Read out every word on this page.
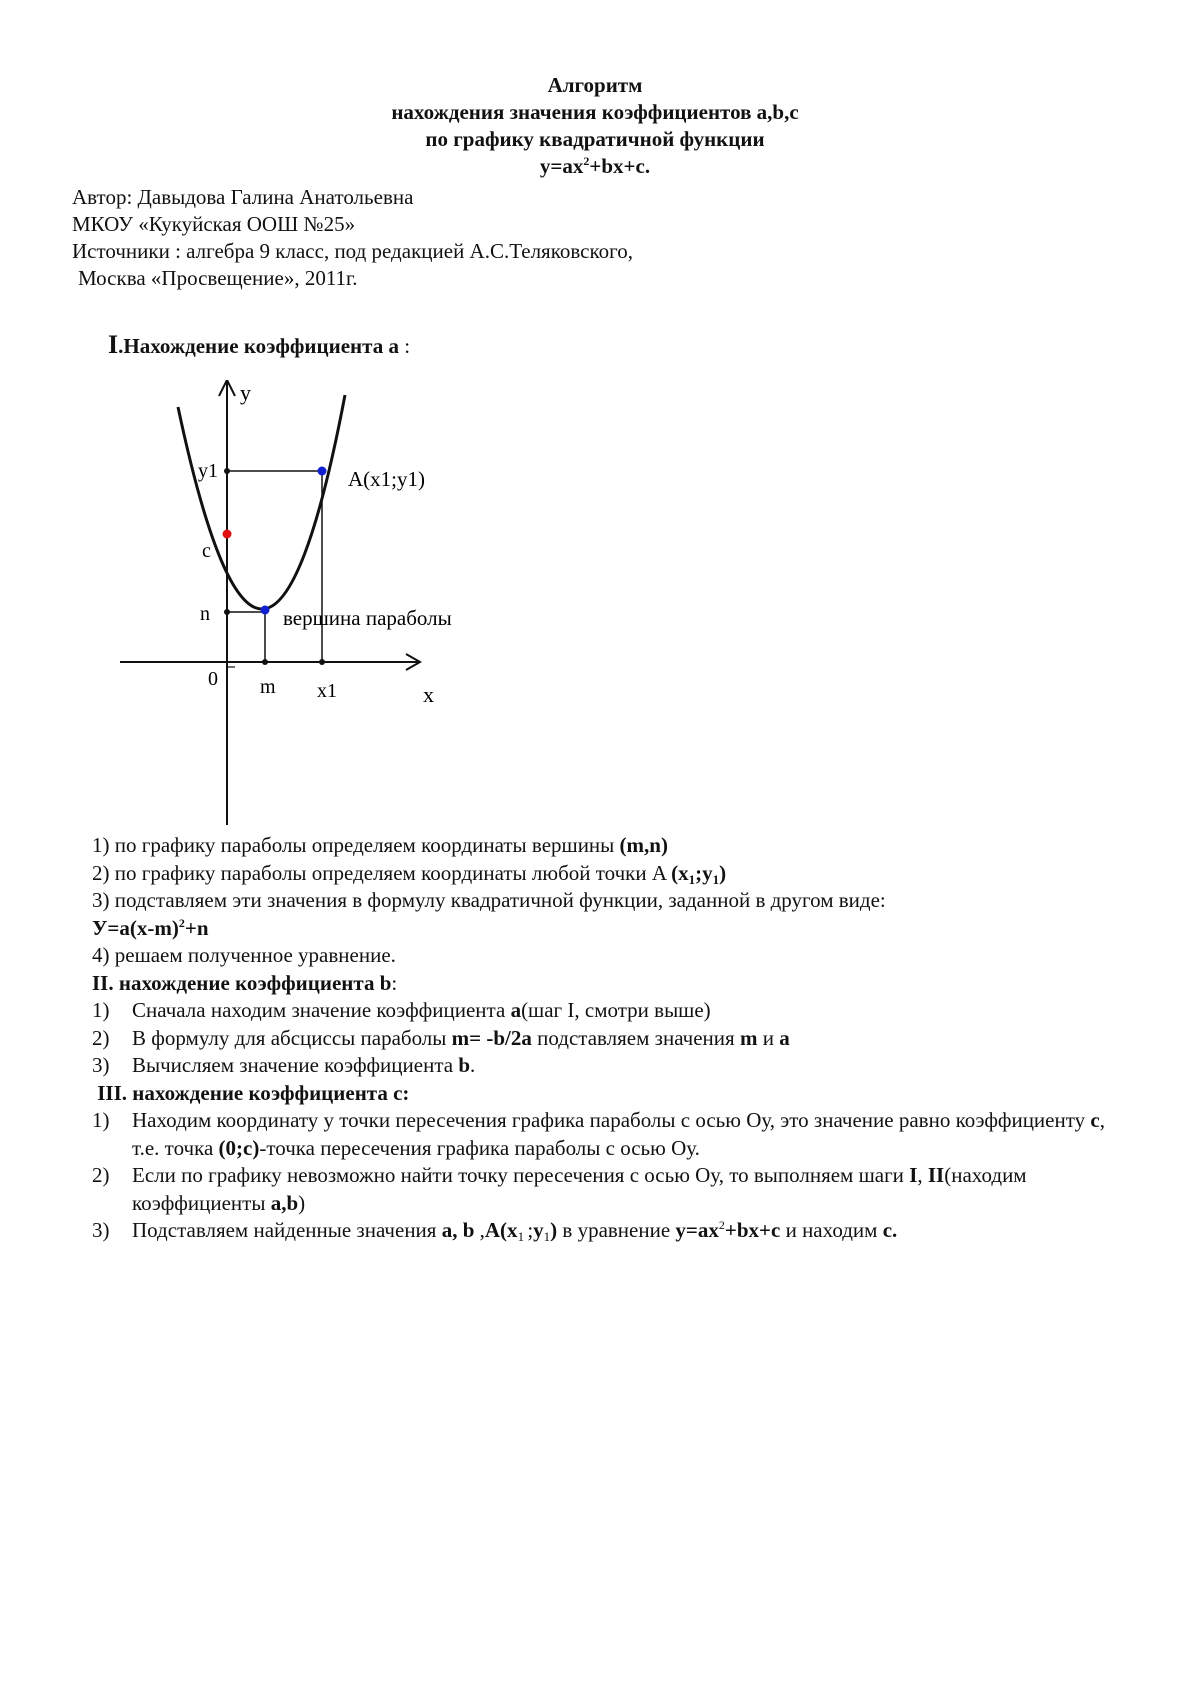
Алгоритм
нахождения значения коэффициентов a,b,c
по графику квадратичной функции
$y=ax^2+bx+c$.
Автор: Давыдова Галина Анатольевна
МКОУ «Кукуйская ООШ №25»
Источники : алгебра 9 класс, под редакцией А.С.Теляковского,
Москва «Просвещение», 2011г.
I.Нахождение коэффициента a :
y
x
0
y1
c
n
m x1
A(x1;y1)
вершина параболы
1) по графику параболы определяем координаты вершины (m,n)
2) по графику параболы определяем координаты любой точки A $(x_1;y_1)$
3) подставляем эти значения в формулу квадратичной функции, заданной в другом виде:
$У=a(x-m)^2+n$
4) решаем полученное уравнение.
II. нахождение коэффициента b:
1)	Сначала находим значение коэффициента a(шаг I, смотри выше)
2)	В формулу для абсциссы параболы m= -b/2a подставляем значения m и a
3)	Вычисляем значение коэффициента b.
III. нахождение коэффициента c:
1)	Находим координату y точки пересечения графика параболы с осью Оу, это значение равно коэффициенту c, т.е. точка (0;c)-точка пересечения графика параболы с осью Оу.
2)	Если по графику невозможно найти точку пересечения с осью Оу, то выполняем шаги I, II(находим коэффициенты a,b)
3)	Подставляем найденные значения a, b $,A(x_1$ $;y_1$) в уравнение $y=ax^2+bx+c$ и находим c.
